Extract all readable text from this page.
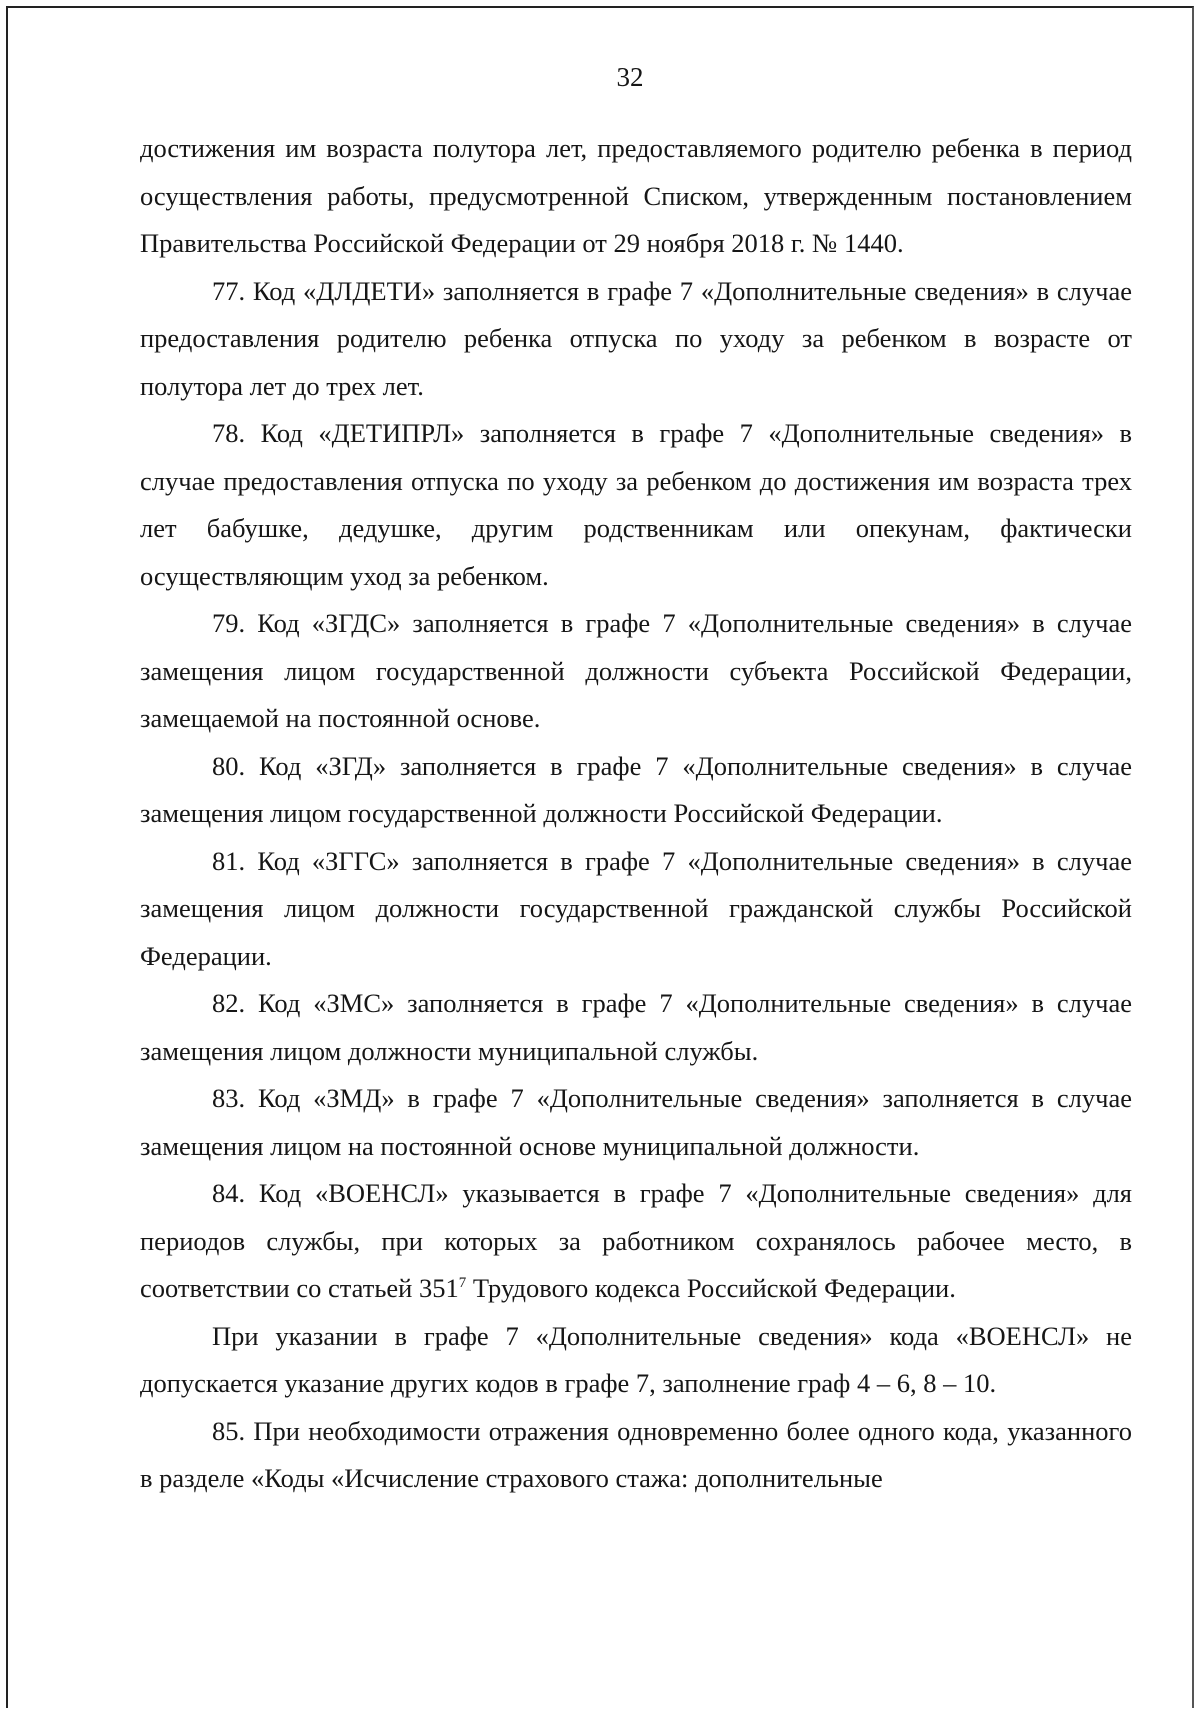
32

достижения им возраста полутора лет, предоставляемого родителю ребенка в период осуществления работы, предусмотренной Списком, утвержденным постановлением Правительства Российской Федерации от 29 ноября 2018 г. № 1440.

77. Код «ДЛДЕТИ» заполняется в графе 7 «Дополнительные сведения» в случае предоставления родителю ребенка отпуска по уходу за ребенком в возрасте от полутора лет до трех лет.

78. Код «ДЕТИПРЛ» заполняется в графе 7 «Дополнительные сведения» в случае предоставления отпуска по уходу за ребенком до достижения им возраста трех лет бабушке, дедушке, другим родственникам или опекунам, фактически осуществляющим уход за ребенком.

79. Код «ЗГДС» заполняется в графе 7 «Дополнительные сведения» в случае замещения лицом государственной должности субъекта Российской Федерации, замещаемой на постоянной основе.

80. Код «ЗГД» заполняется в графе 7 «Дополнительные сведения» в случае замещения лицом государственной должности Российской Федерации.

81. Код «ЗГГС» заполняется в графе 7 «Дополнительные сведения» в случае замещения лицом должности государственной гражданской службы Российской Федерации.

82. Код «ЗМС» заполняется в графе 7 «Дополнительные сведения» в случае замещения лицом должности муниципальной службы.

83. Код «ЗМД» в графе 7 «Дополнительные сведения» заполняется в случае замещения лицом на постоянной основе муниципальной должности.

84. Код «ВОЕНСЛ» указывается в графе 7 «Дополнительные сведения» для периодов службы, при которых за работником сохранялось рабочее место, в соответствии со статьей $351^7$ Трудового кодекса Российской Федерации.

При указании в графе 7 «Дополнительные сведения» кода «ВОЕНСЛ» не допускается указание других кодов в графе 7, заполнение граф 4 – 6, 8 – 10.

85. При необходимости отражения одновременно более одного кода, указанного в разделе «Коды «Исчисление страхового стажа: дополнительные
